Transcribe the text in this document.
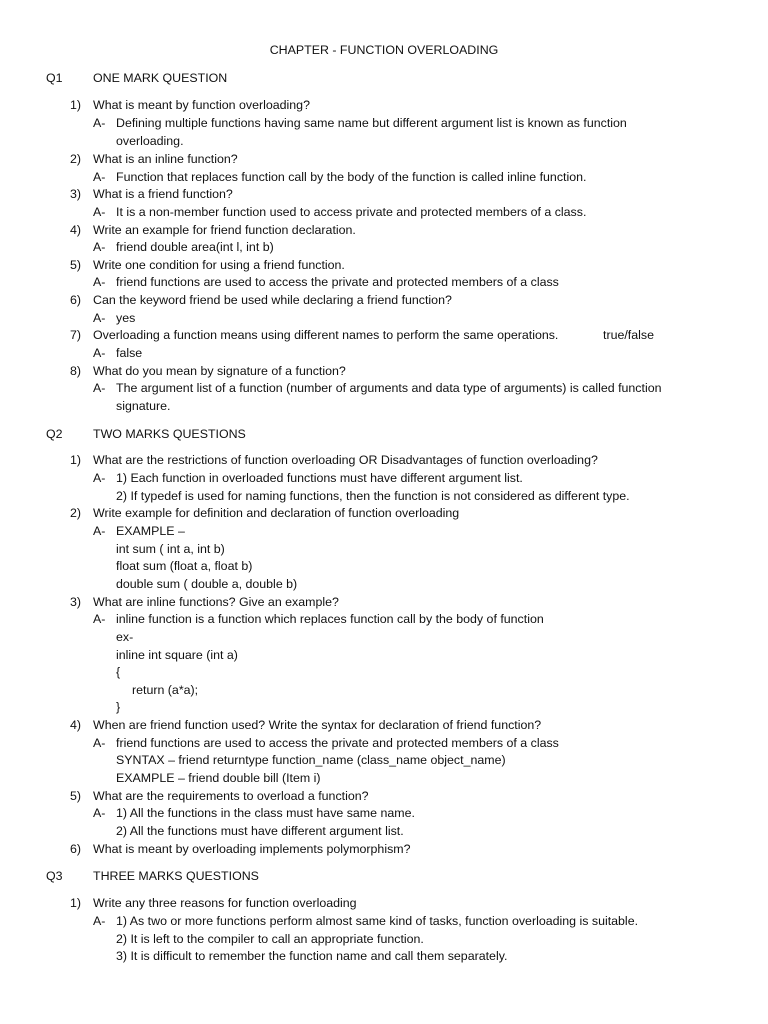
CHAPTER - FUNCTION OVERLOADING
Q1 ONE MARK QUESTION
1) What is meant by function overloading?
A- Defining multiple functions having same name but different argument list is known as function
overloading.
2) What is an inline function?
A- Function that replaces function call by the body of the function is called inline function.
3) What is a friend function?
A- It is a non-member function used to access private and protected members of a class.
4) Write an example for friend function declaration.
A- friend double area(int l, int b)
5) Write one condition for using a friend function.
A- friend functions are used to access the private and protected members of a class
6) Can the keyword friend be used while declaring a friend function?
A- yes
7) Overloading a function means using different names to perform the same operations.	true/false
A- false
8) What do you mean by signature of a function?
A- The argument list of a function (number of arguments and data type of arguments) is called function
signature.
Q2 TWO MARKS QUESTIONS
1) What are the restrictions of function overloading OR Disadvantages of function overloading?
A- 1) Each function in overloaded functions must have different argument list.
2) If typedef is used for naming functions, then the function is not considered as different type.
2) Write example for definition and declaration of function overloading
A- EXAMPLE –
int sum ( int a, int b)
float sum (float a, float b)
double sum ( double a, double b)
3) What are inline functions? Give an example?
A- inline function is a function which replaces function call by the body of function
ex-
inline int square (int a)
{
return (a*a);
}
4) When are friend function used? Write the syntax for declaration of friend function?
A- friend functions are used to access the private and protected members of a class
SYNTAX – friend returntype function_name (class_name object_name)
EXAMPLE – friend double bill (Item i)
5) What are the requirements to overload a function?
A- 1) All the functions in the class must have same name.
2) All the functions must have different argument list.
6) What is meant by overloading implements polymorphism?
Q3 THREE MARKS QUESTIONS
1) Write any three reasons for function overloading
A- 1) As two or more functions perform almost same kind of tasks, function overloading is suitable.
2) It is left to the compiler to call an appropriate function.
3) It is difficult to remember the function name and call them separately.
